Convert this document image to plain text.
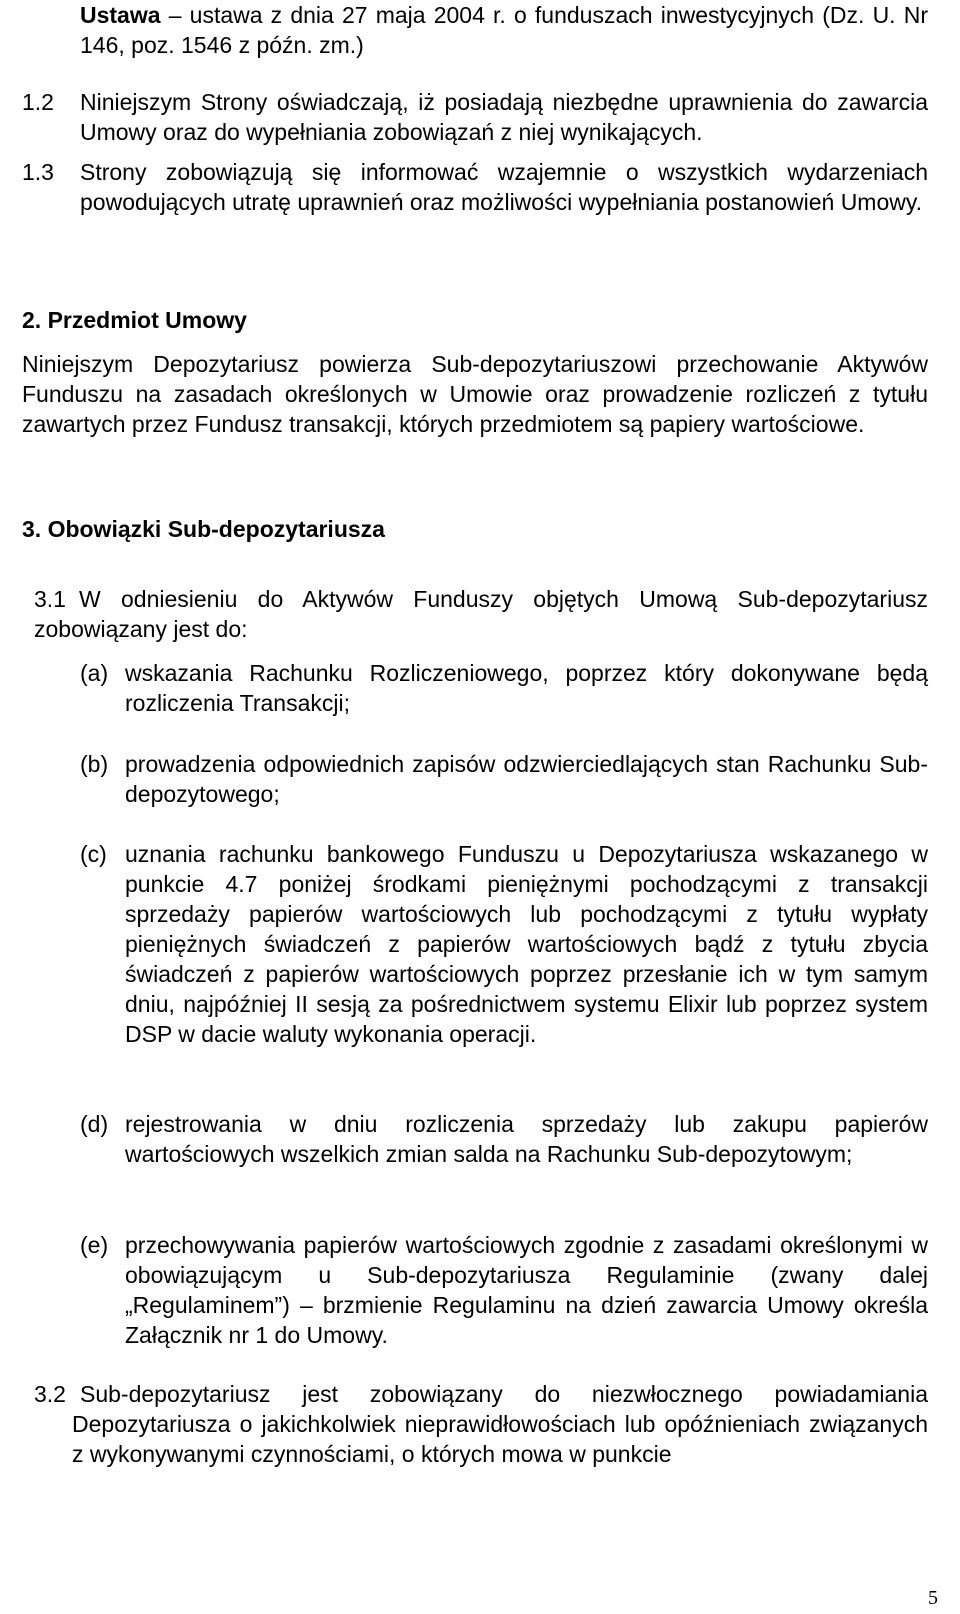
Ustawa – ustawa z dnia 27 maja 2004 r. o funduszach inwestycyjnych (Dz. U. Nr 146, poz. 1546 z późn. zm.)

1.2 Niniejszym Strony oświadczają, iż posiadają niezbędne uprawnienia do zawarcia Umowy oraz do wypełniania zobowiązań z niej wynikających.

1.3 Strony zobowiązują się informować wzajemnie o wszystkich wydarzeniach powodujących utratę uprawnień oraz możliwości wypełniania postanowień Umowy.

2. Przedmiot Umowy

Niniejszym Depozytariusz powierza Sub-depozytariuszowi przechowanie Aktywów Funduszu na zasadach określonych w Umowie oraz prowadzenie rozliczeń z tytułu zawartych przez Fundusz transakcji, których przedmiotem są papiery wartościowe.

3. Obowiązki Sub-depozytariusza

3.1 W odniesieniu do Aktywów Funduszy objętych Umową Sub-depozytariusz zobowiązany jest do:

(a) wskazania Rachunku Rozliczeniowego, poprzez który dokonywane będą rozliczenia Transakcji;

(b) prowadzenia odpowiednich zapisów odzwierciedlających stan Rachunku Sub-depozytowego;

(c) uznania rachunku bankowego Funduszu u Depozytariusza wskazanego w punkcie 4.7 poniżej środkami pieniężnymi pochodzącymi z transakcji sprzedaży papierów wartościowych lub pochodzącymi z tytułu wypłaty pieniężnych świadczeń z papierów wartościowych bądź z tytułu zbycia świadczeń z papierów wartościowych poprzez przesłanie ich w tym samym dniu, najpóźniej II sesją za pośrednictwem systemu Elixir lub poprzez system DSP w dacie waluty wykonania operacji.

(d) rejestrowania w dniu rozliczenia sprzedaży lub zakupu papierów wartościowych wszelkich zmian salda na Rachunku Sub-depozytowym;

(e) przechowywania papierów wartościowych zgodnie z zasadami określonymi w obowiązującym u Sub-depozytariusza Regulaminie (zwany dalej „Regulaminem”) – brzmienie Regulaminu na dzień zawarcia Umowy określa Załącznik nr 1 do Umowy.

3.2 Sub-depozytariusz jest zobowiązany do niezwłocznego powiadamiania Depozytariusza o jakichkolwiek nieprawidłowościach lub opóźnieniach związanych z wykonywanymi czynnościami, o których mowa w punkcie

5
